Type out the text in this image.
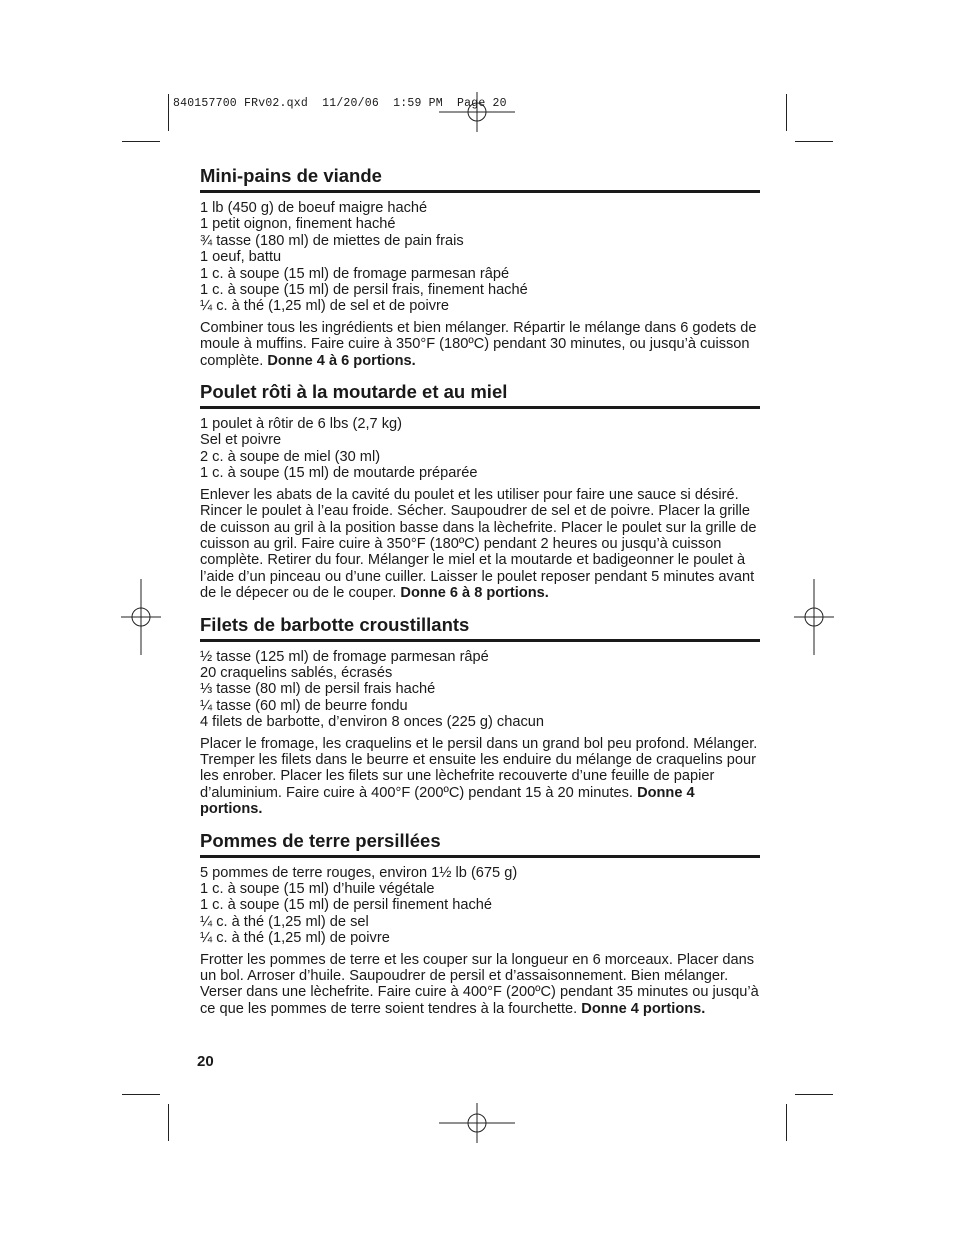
840157700 FRv02.qxd  11/20/06  1:59 PM  Page 20
Mini-pains de viande
1 lb (450 g) de boeuf maigre haché
1 petit oignon, finement haché
¾ tasse (180 ml) de miettes de pain frais
1 oeuf, battu
1 c. à soupe (15 ml) de fromage parmesan râpé
1 c. à soupe (15 ml) de persil frais, finement haché
¼ c. à thé (1,25 ml) de sel et de poivre

Combiner tous les ingrédients et bien mélanger. Répartir le mélange dans 6 godets de moule à muffins. Faire cuire à 350°F (180ºC) pendant 30 minutes, ou jusqu’à cuisson complète. Donne 4 à 6 portions.

Poulet rôti à la moutarde et au miel
1 poulet à rôtir de 6 lbs (2,7 kg)
Sel et poivre
2 c. à soupe de miel (30 ml)
1 c. à soupe (15 ml) de moutarde préparée

Enlever les abats de la cavité du poulet et les utiliser pour faire une sauce si désiré. Rincer le poulet à l’eau froide. Sécher. Saupoudrer de sel et de poivre. Placer la grille de cuisson au gril à la position basse dans la lèchefrite. Placer le poulet sur la grille de cuisson au gril. Faire cuire à 350°F (180ºC) pendant 2 heures ou jusqu’à cuisson complète. Retirer du four. Mélanger le miel et la moutarde et badigeonner le poulet à l’aide d’un pinceau ou d’une cuiller. Laisser le poulet reposer pendant 5 minutes avant de le dépecer ou de le couper. Donne 6 à 8 portions.

Filets de barbotte croustillants
½ tasse (125 ml) de fromage parmesan râpé
20 craquelins sablés, écrasés
⅓ tasse (80 ml) de persil frais haché
¼ tasse (60 ml) de beurre fondu
4 filets de barbotte, d’environ 8 onces (225 g) chacun

Placer le fromage, les craquelins et le persil dans un grand bol peu profond. Mélanger. Tremper les filets dans le beurre et ensuite les enduire du mélange de craquelins pour les enrober. Placer les filets sur une lèchefrite recouverte d’une feuille de papier d’aluminium. Faire cuire à 400°F (200ºC) pendant 15 à 20 minutes. Donne 4 portions.

Pommes de terre persillées
5 pommes de terre rouges, environ 1½ lb (675 g)
1 c. à soupe (15 ml) d’huile végétale
1 c. à soupe (15 ml) de persil finement haché
¼ c. à thé (1,25 ml) de sel
¼ c. à thé (1,25 ml) de poivre

Frotter les pommes de terre et les couper sur la longueur en 6 morceaux. Placer dans un bol. Arroser d’huile. Saupoudrer de persil et d’assaisonnement. Bien mélanger. Verser dans une lèchefrite. Faire cuire à 400°F (200ºC) pendant 35 minutes ou jusqu’à ce que les pommes de terre soient tendres à la fourchette. Donne 4 portions.

20
